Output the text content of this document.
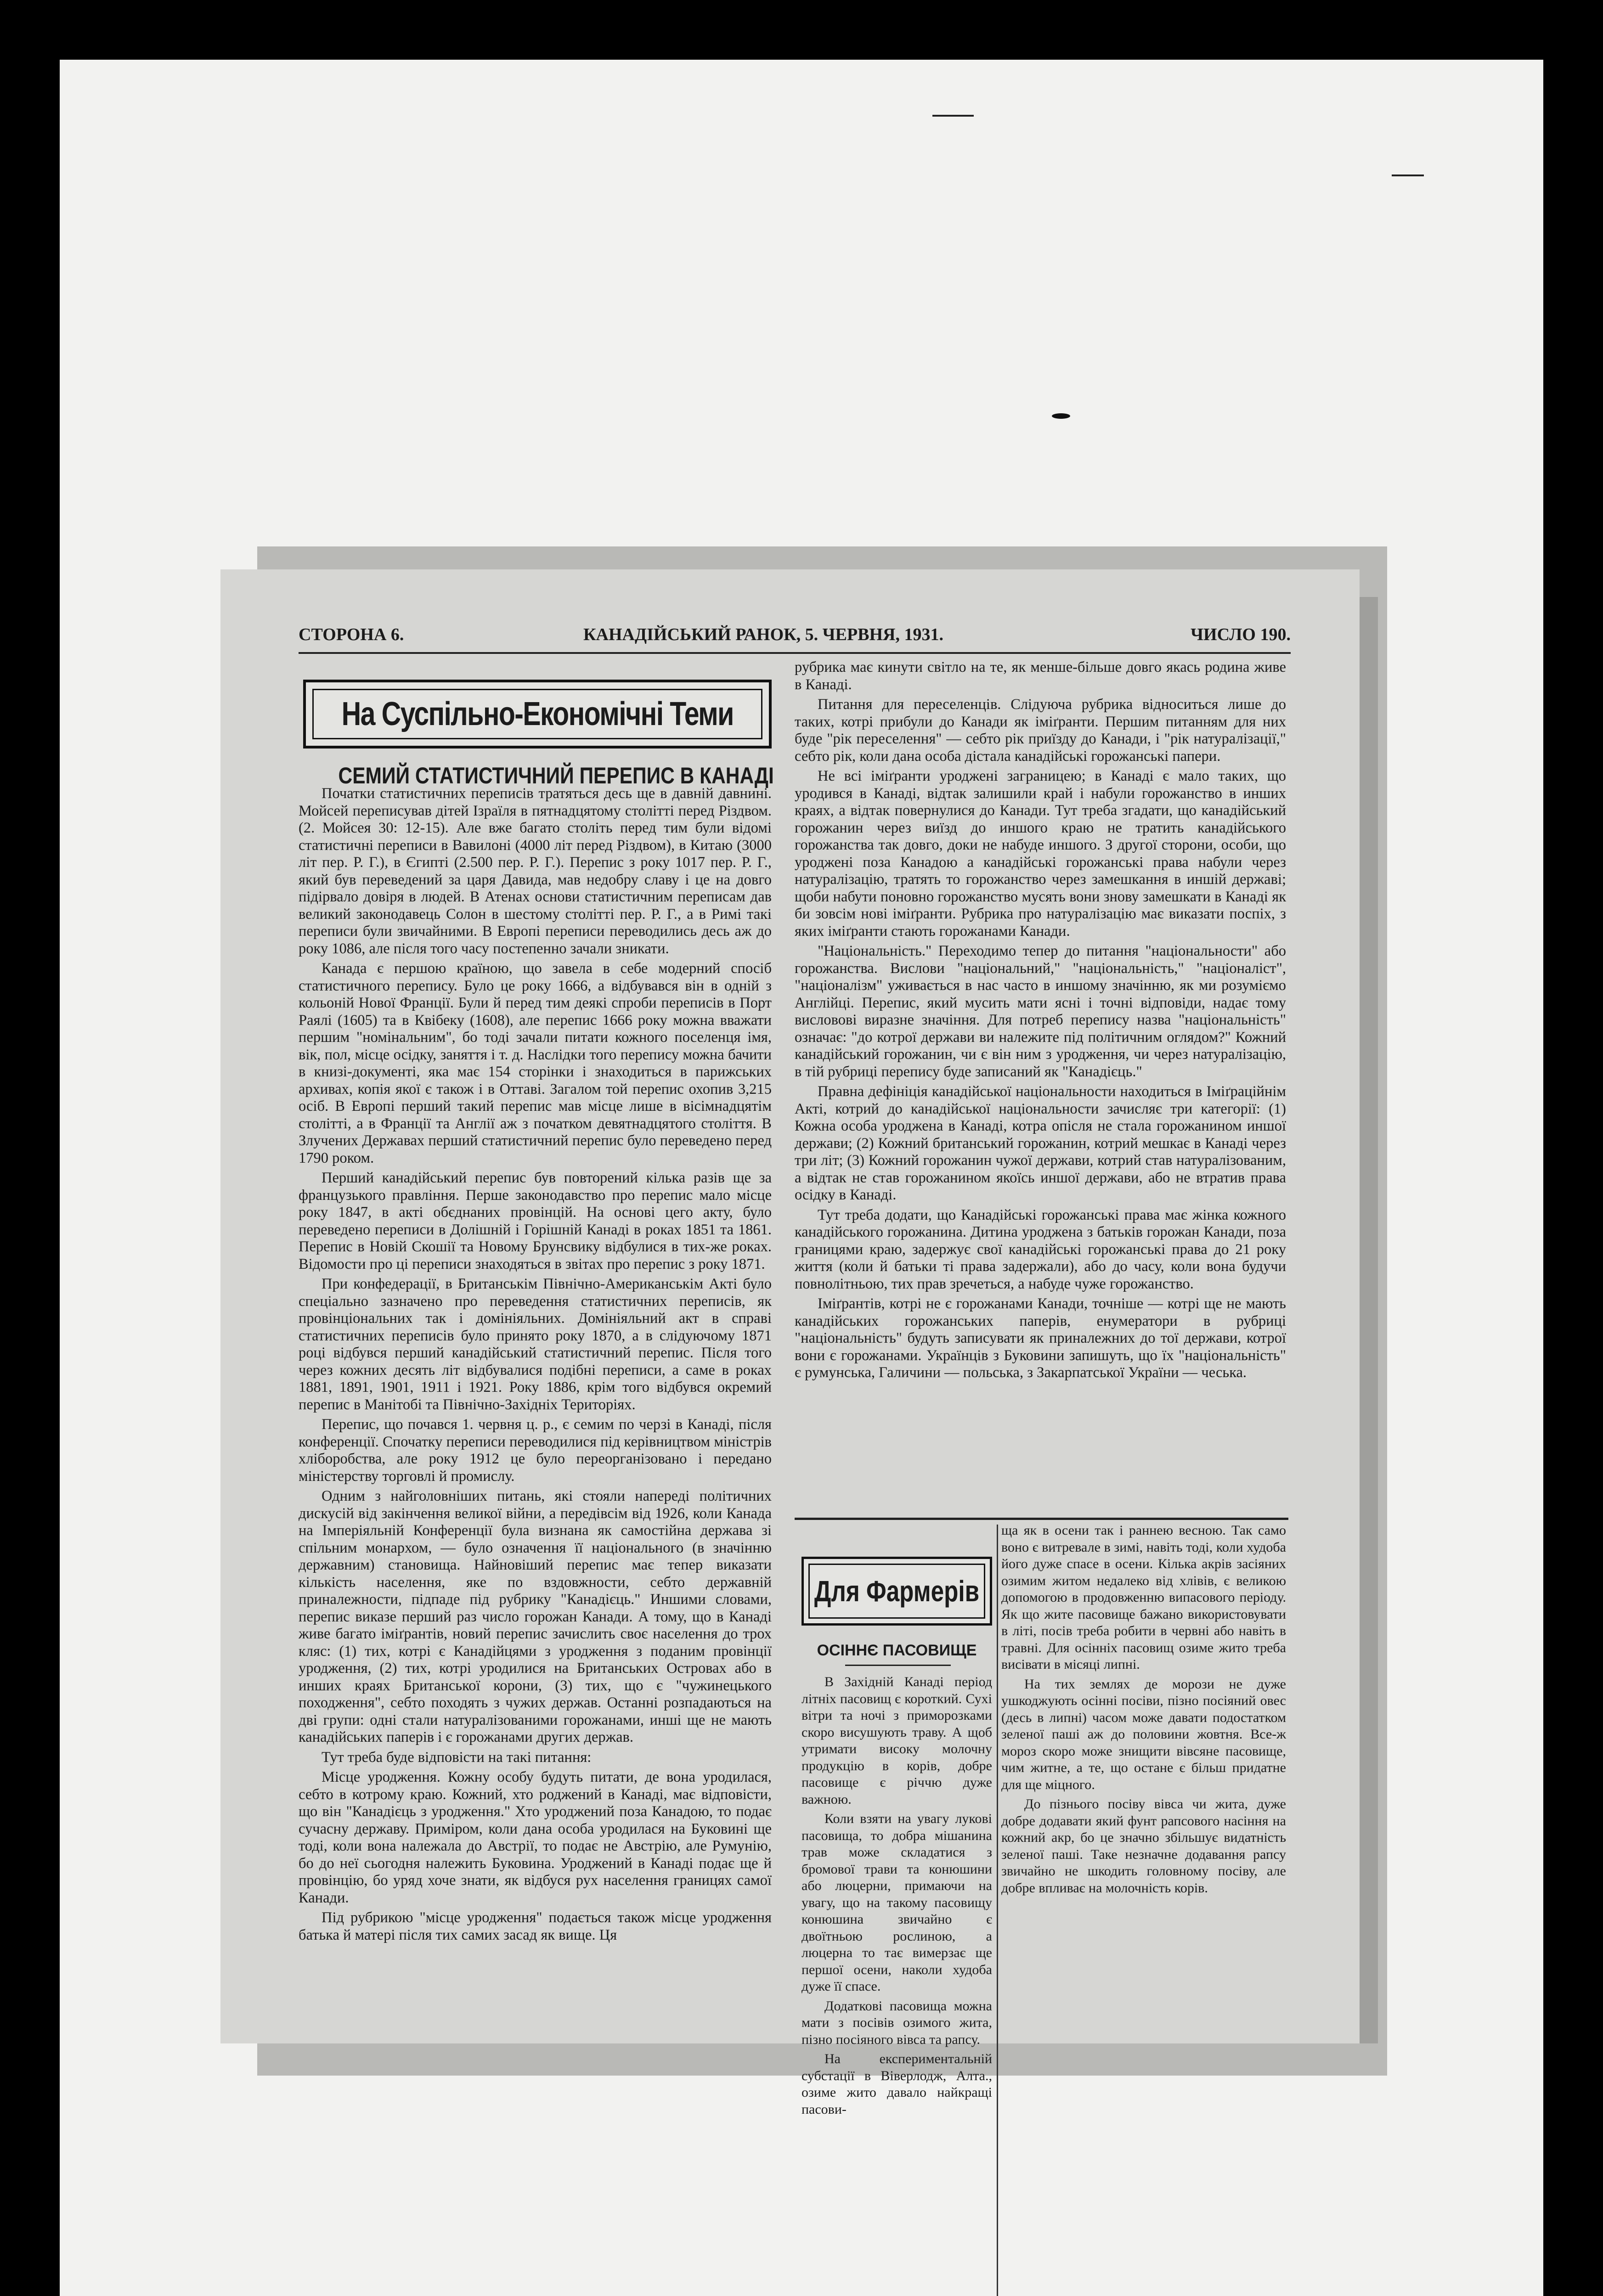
СТОРОНА 6.	КАНАДІЙСЬКИЙ РАНОК, 5. ЧЕРВНЯ, 1931.	ЧИСЛО 190.
На Суспільно-Економічні Теми
СЕМИЙ СТАТИСТИЧНИЙ ПЕРЕПИС В КАНАДІ

Початки статистичних переписів тратяться десь ще в давній давнині. Мойсей переписував дітей Ізраїля в пятнадцятому столітті перед Різдвом. (2. Мойсея 30: 12-15). Але вже багато століть перед тим були відомі статистичні переписи в Вавилоні (4000 літ перед Різдвом), в Китаю (3000 літ пер. Р. Г.), в Єгипті (2.500 пер. Р. Г.). Перепис з року 1017 пер. Р. Г., який був переведений за царя Давида, мав недобру славу і це на довго підірвало довіря в людей. В Атенах основи статистичним переписам дав великий законодавець Солон в шестому столітті пер. Р. Г., а в Римі такі переписи були звичайними. В Европі переписи переводились десь аж до року 1086, але після того часу постепенно зачали зникати.

Канада є першою країною, що завела в себе модерний спосіб статистичного перепису. Було це року 1666, а відбувався він в одній з кольоній Нової Франції. Були й перед тим деякі спроби переписів в Порт Раялі (1605) та в Квібеку (1608), але перепис 1666 року можна вважати першим "номінальним", бо тоді зачали питати кожного поселенця імя, вік, пол, місце осідку, заняття і т. д. Наслідки того перепису можна бачити в книзі-документі, яка має 154 сторінки і знаходиться в парижських архивах, копія якої є також і в Оттаві. Загалом той перепис охопив 3,215 осіб. В Европі перший такий перепис мав місце лише в вісімнадцятім столітті, а в Франції та Англії аж з початком девятнадцятого століття. В Злучених Державах перший статистичний перепис було переведено перед 1790 роком.

Перший канадійський перепис був повторений кілька разів ще за французького правління. Перше законодавство про перепис мало місце року 1847, в акті обєднаних провінцій. На основі цего акту, було переведено переписи в Долішній і Горішній Канаді в роках 1851 та 1861. Перепис в Новій Скошії та Новому Брунсвику відбулися в тих-же роках. Відомости про ці переписи знаходяться в звітах про перепис з року 1871.

При конфедерації, в Британськім Північно-Американськім Акті було спеціально зазначено про переведення статистичних переписів, як провінціональних так і домініяльних. Домініяльний акт в справі статистичних переписів було принято року 1870, а в слідуючому 1871 році відбувся перший канадійський статистичний перепис. Після того через кожних десять літ відбувалися подібні переписи, а саме в роках 1881, 1891, 1901, 1911 і 1921. Року 1886, крім того відбувся окремий перепис в Манітобі та Північно-Західніх Територіях.

Перепис, що почався 1. червня ц. р., є семим по черзі в Канаді, після конференції. Спочатку переписи переводилися під керівництвом міністрів хліборобства, але року 1912 це було переорганізовано і передано міністерству торговлі й промислу.

Одним з найголовніших питань, які стояли напереді політичних дискусій від закінчення великої війни, а передівсім від 1926, коли Канада на Імперіяльній Конференції була визнана як самостійна держава зі спільним монархом, — було означення її національного (в значінню державним) становища. Найновіший перепис має тепер виказати кількість населення, яке по вздовжности, себто державній приналежности, підпаде під рубрику "Канадієць." Иншими словами, перепис виказе перший раз число горожан Канади. А тому, що в Канаді живе багато іміґрантів, новий перепис зачислить своє населення до трох кляс: (1) тих, котрі є Канадійцями з уродження з поданим провінції уродження, (2) тих, котрі уродилися на Британських Островах або в инших краях Британської корони, (3) тих, що є "чужинецького походження", себто походять з чужих держав. Останні розпадаються на дві групи: одні стали натуралізованими горожанами, инші ще не мають канадійських паперів і є горожанами других держав.

Тут треба буде відповісти на такі питання:

Місце уродження. Кожну особу будуть питати, де вона уродилася, себто в котрому краю. Кожний, хто роджений в Канаді, має відповісти, що він "Канадієць з уродження." Хто уроджений поза Канадою, то подає сучасну державу. Приміром, коли дана особа уродилася на Буковині ще тоді, коли вона належала до Австрії, то подає не Австрію, але Румунію, бо до неї сьогодня належить Буковина. Уроджений в Канаді подає ще й провінцію, бо уряд хоче знати, як відбуся рух населення границях самої Канади.

Під рубрикою "місце уродження" подається також місце уродження батька й матері після тих самих засад як вище. Ця

рубрика має кинути світло на те, як менше-більше довго якась родина живе в Канаді.

Питання для переселенців. Слідуюча рубрика відноситься лише до таких, котрі прибули до Канади як іміґранти. Першим питанням для них буде "рік переселення" — себто рік приїзду до Канади, і "рік натуралізації," себто рік, коли дана особа дістала канадійські горожанські папери.

Не всі іміґранти уроджені заграницею; в Канаді є мало таких, що уродився в Канаді, відтак залишили край і набули горожанство в инших краях, а відтак повернулися до Канади. Тут треба згадати, що канадійський горожанин через виїзд до иншого краю не тратить канадійського горожанства так довго, доки не набуде иншого. З другої сторони, особи, що уроджені поза Канадою а канадійські горожанські права набули через натуралізацію, тратять то горожанство через замешкання в иншій державі; щоби набути поновно горожанство мусять вони знову замешкати в Канаді як би зовсім нові іміґранти. Рубрика про натуралізацію має виказати поспіх, з яких іміґранти стають горожанами Канади.

"Національність." Переходимо тепер до питання "національности" або горожанства. Вислови "національний," "національність," "націоналіст", "націоналізм" уживається в нас часто в иншому значінню, як ми розуміємо Англійці. Перепис, який мусить мати ясні і точні відповіди, надає тому висловові виразне значіння. Для потреб перепису назва "національність" означає: "до котрої держави ви належите під політичним оглядом?" Кожний канадійський горожанин, чи є він ним з уродження, чи через натуралізацію, в тій рубриці перепису буде записаний як "Канадієць."

Правна дефініція канадійської національности находиться в Іміґраційнім Акті, котрий до канадійської національности зачисляє три категорії: (1) Кожна особа уроджена в Канаді, котра опісля не стала горожанином иншої держави; (2) Кожний британський горожанин, котрий мешкає в Канаді через три літ; (3) Кожний горожанин чужої держави, котрий став натуралізованим, а відтак не став горожанином якоїсь иншої держави, або не втратив права осідку в Канаді.

Тут треба додати, що Канадійські горожанські права має жінка кожного канадійського горожанина. Дитина уроджена з батьків горожан Канади, поза границями краю, задержує свої канадійські горожанські права до 21 року життя (коли й батьки ті права задержали), або до часу, коли вона будучи повнолітньою, тих прав зречеться, а набуде чуже горожанство.

Іміґрантів, котрі не є горожанами Канади, точніше — котрі ще не мають канадійських горожанських паперів, енумератори в рубриці "національність" будуть записувати як приналежних до тої держави, котрої вони є горожанами. Українців з Буковини запишуть, що їх "національність" є румунська, Галичини — польська, з Закарпатської України — чеська.

Для Фармерів
ОСІННЄ ПАСОВИЩЕ

В Західній Канаді період літніх пасовищ є короткий. Сухі вітри та ночі з приморозками скоро висушують траву. А щоб утримати високу молочну продукцію в корів, добре пасовище є річчю дуже важною.

Коли взяти на увагу лукові пасовища, то добра мішанина трав може складатися з бромової трави та конюшини або люцерни, примаючи на увагу, що на такому пасовищу конюшина звичайно є двоїтньою рослиною, а люцерна то тає вимерзає ще першої осени, наколи худоба дуже її спасе.

Додаткові пасовища можна мати з посівів озимого жита, пізно посіяного вівса та рапсу.

На експериментальній субстації в Віверлодж, Алта., озиме жито давало найкращі пасови-

ща як в осени так і раннею весною. Так само воно є витревале в зимі, навіть тоді, коли худоба його дуже спасе в осени. Кілька акрів засіяних озимим житом недалеко від хлівів, є великою допомогою в продовженню випасового періоду. Як що жите пасовище бажано використовувати в літі, посів треба робити в червні або навіть в травні. Для осінніх пасовищ озиме жито треба висівати в місяці липні.

На тих землях де морози не дуже ушкоджують осінні посіви, пізно посіяний овес (десь в липні) часом може давати подостатком зеленої паші аж до половини жовтня. Все-ж мороз скоро може знищити вівсяне пасовище, чим житне, а те, що остане є більш придатне для ще міцного.

До пізнього посіву вівса чи жита, дуже добре додавати який фунт рапсового насіння на кожний акр, бо це значно збільшує видатність зеленої паші. Таке незначне додавання рапсу звичайно не шкодить головному посіву, але добре впливає на молочність корів.
